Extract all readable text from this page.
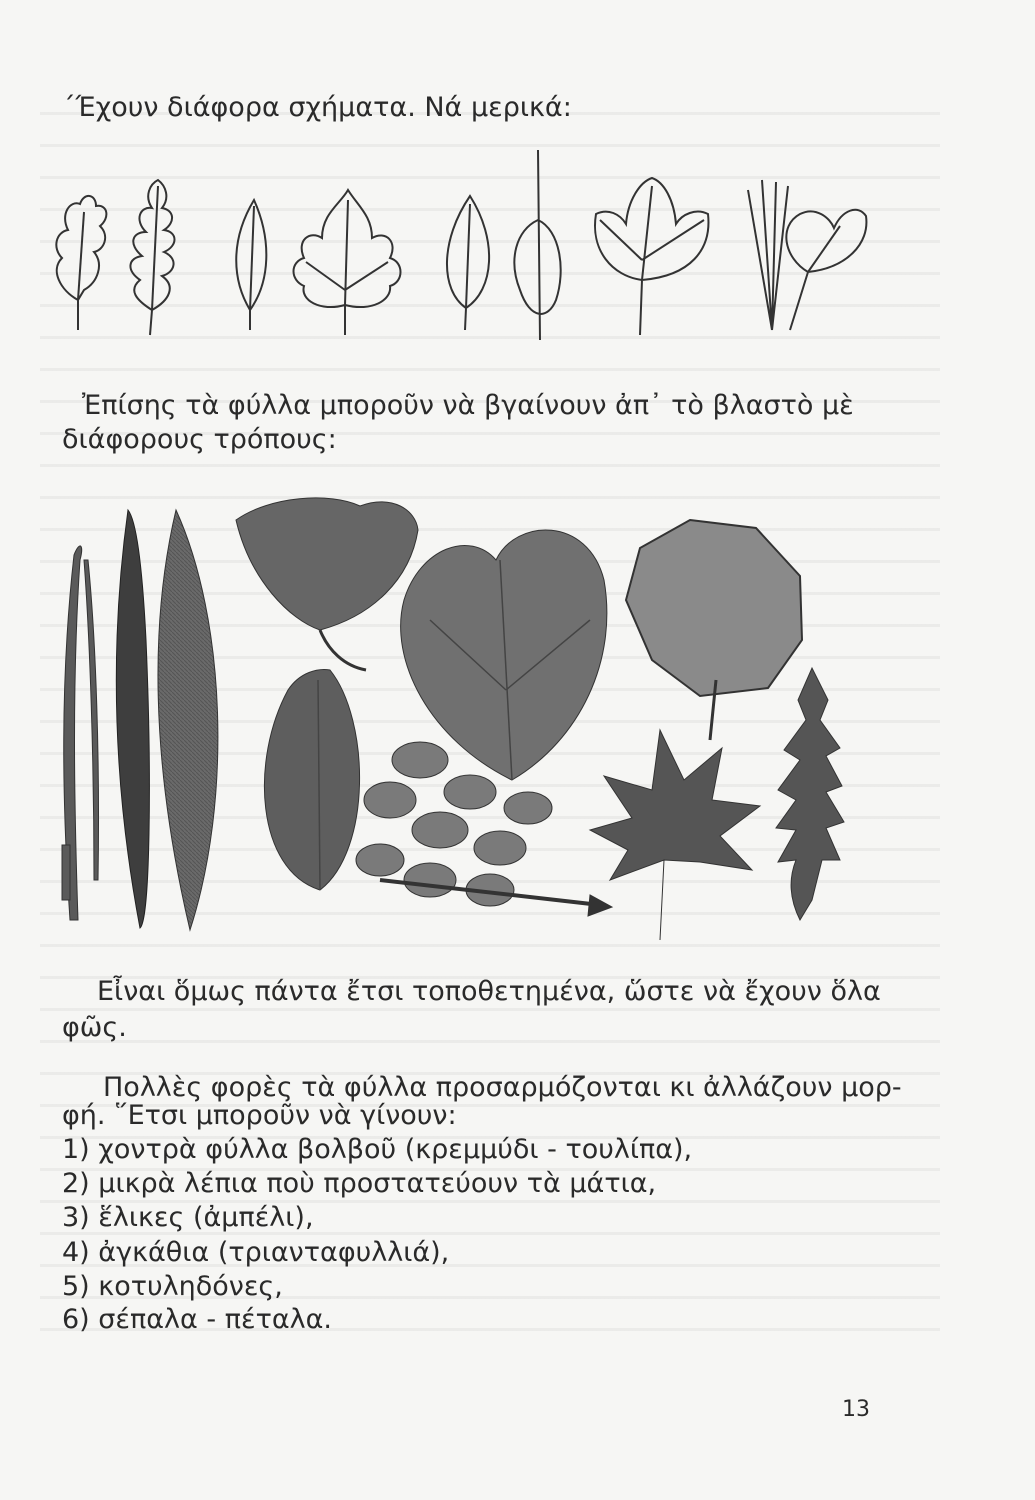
΄Έχουν διάφορα σχήματα. Νά μερικά:
Ἐπίσης τὰ φύλλα μποροῦν νὰ βγαίνουν ἀπ᾽ τὸ βλαστὸ μὲ
διάφορους τρόπους:
Εἶναι ὅμως πάντα ἔτσι τοποθετημένα, ὥστε νὰ ἔχουν ὅλα
φῶς.
Πολλὲς φορὲς τὰ φύλλα προσαρμόζονται κι ἀλλάζουν μορ-
φή. ῞Ετσι μποροῦν νὰ γίνουν:
1) χοντρὰ φύλλα βολβοῦ (κρεμμύδι - τουλίπα),
2) μικρὰ λέπια ποὺ προστατεύουν τὰ μάτια,
3) ἕλικες (ἀμπέλι),
4) ἀγκάθια (τριανταφυλλιά),
5) κοτυληδόνες,
6) σέπαλα - πέταλα.
13
